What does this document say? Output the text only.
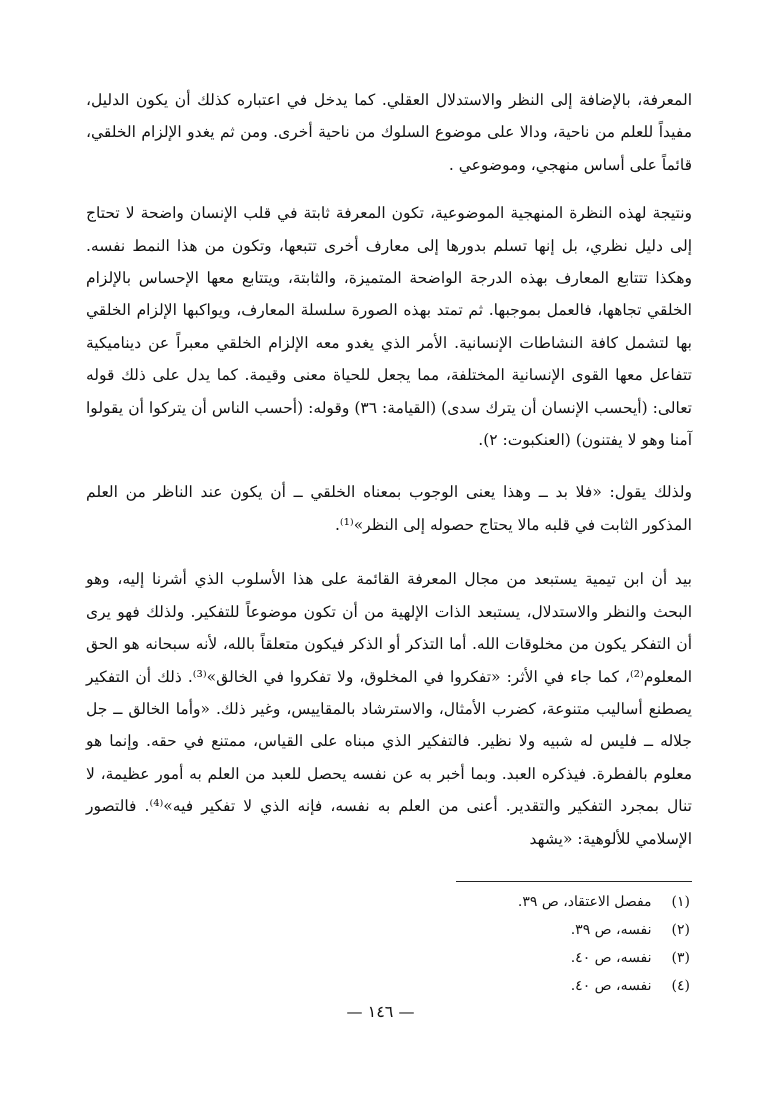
المعرفة، بالإضافة إلى النظر والاستدلال العقلي. كما يدخل في اعتباره كذلك أن يكون الدليل، مفيداً للعلم من ناحية، ودالا على موضوع السلوك من ناحية أخرى. ومن ثم يغدو الإلزام الخلقي، قائماً على أساس منهجي، وموضوعي .

ونتيجة لهذه النظرة المنهجية الموضوعية، تكون المعرفة ثابتة في قلب الإنسان واضحة لا تحتاج إلى دليل نظري، بل إنها تسلم بدورها إلى معارف أخرى تتبعها، وتكون من هذا النمط نفسه. وهكذا تتتابع المعارف بهذه الدرجة الواضحة المتميزة، والثابتة، ويتتابع معها الإحساس بالإلزام الخلقي تجاهها، فالعمل بموجبها. ثم تمتد بهذه الصورة سلسلة المعارف، ويواكبها الإلزام الخلقي بها لتشمل كافة النشاطات الإنسانية. الأمر الذي يغدو معه الإلزام الخلقي معبراً عن ديناميكية تتفاعل معها القوى الإنسانية المختلفة، مما يجعل للحياة معنى وقيمة. كما يدل على ذلك قوله تعالى: (أيحسب الإنسان أن يترك سدى) (القيامة: ٣٦) وقوله: (أحسب الناس أن يتركوا أن يقولوا آمنا وهو لا يفتنون) (العنكبوت: ٢).

ولذلك يقول: «فلا بد ــ وهذا يعنى الوجوب بمعناه الخلقي ــ أن يكون عند الناظر من العلم المذكور الثابت في قلبه مالا يحتاج حصوله إلى النظر»⁽¹⁾.

بيد أن ابن تيمية يستبعد من مجال المعرفة القائمة على هذا الأسلوب الذي أشرنا إليه، وهو البحث والنظر والاستدلال، يستبعد الذات الإلهية من أن تكون موضوعاً للتفكير. ولذلك فهو يرى أن التفكر يكون من مخلوقات الله. أما التذكر أو الذكر فيكون متعلقاً بالله، لأنه سبحانه هو الحق المعلوم⁽²⁾، كما جاء في الأثر: «تفكروا في المخلوق، ولا تفكروا في الخالق»⁽³⁾. ذلك أن التفكير يصطنع أساليب متنوعة، كضرب الأمثال، والاسترشاد بالمقاييس، وغير ذلك. «وأما الخالق ــ جل جلاله ــ فليس له شبيه ولا نظير. فالتفكير الذي مبناه على القياس، ممتنع في حقه. وإنما هو معلوم بالفطرة. فيذكره العبد. وبما أخبر به عن نفسه يحصل للعبد من العلم به أمور عظيمة، لا تنال بمجرد التفكير والتقدير. أعنى من العلم به نفسه، فإنه الذي لا تفكير فيه»⁽⁴⁾. فالتصور الإسلامي للألوهية: «يشهد

(١) مفصل الاعتقاد، ص ٣٩.
(٢) نفسه، ص ٣٩.
(٣) نفسه، ص ٤٠.
(٤) نفسه، ص ٤٠.
— ١٤٦ —
